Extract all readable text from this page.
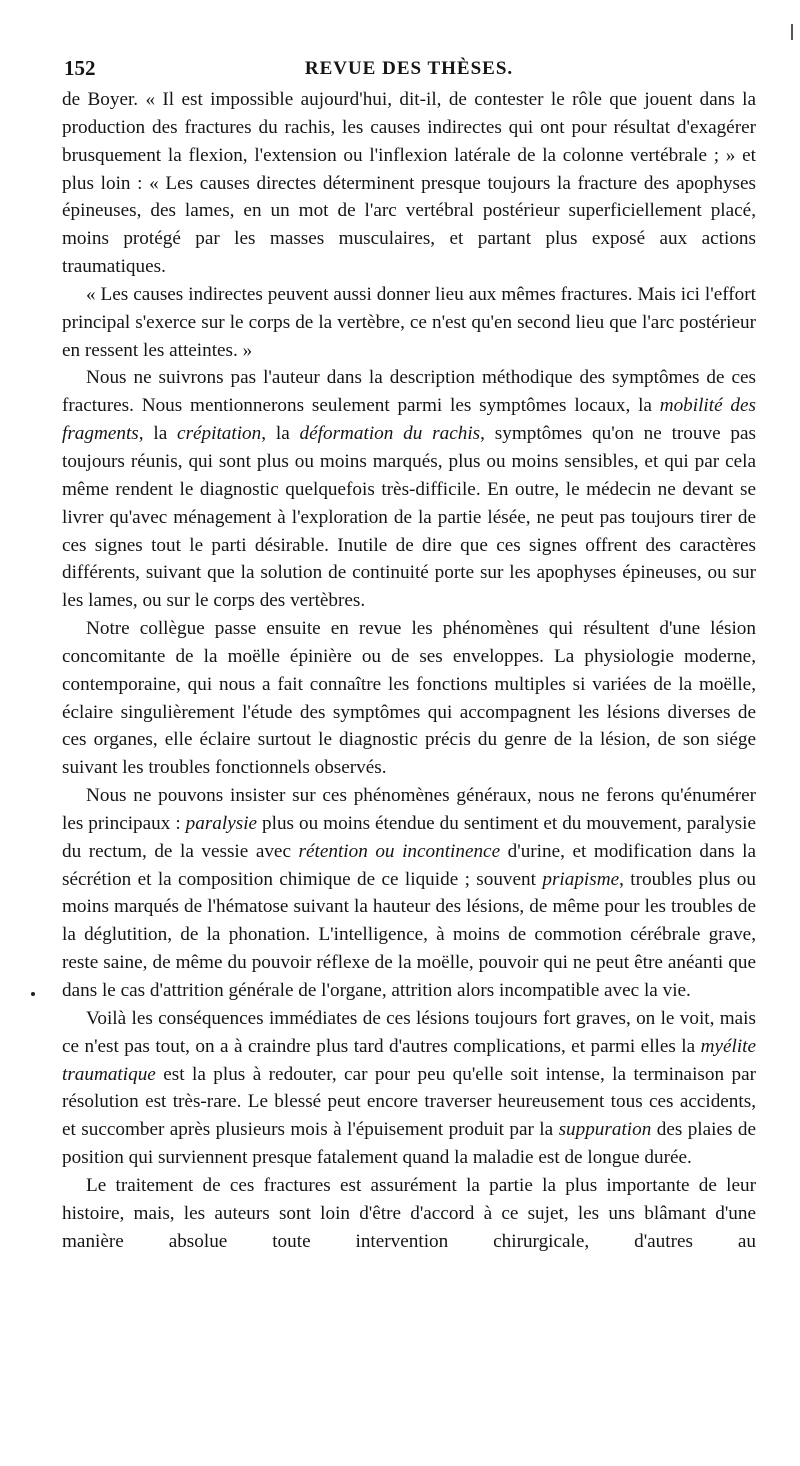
152	REVUE DES THÈSES.

de Boyer. « Il est impossible aujourd'hui, dit-il, de contester le rôle que jouent dans la production des fractures du rachis, les causes indirectes qui ont pour résultat d'exagérer brusquement la flexion, l'extension ou l'inflexion latérale de la colonne vertébrale ; » et plus loin : « Les causes directes déterminent presque toujours la fracture des apophyses épineuses, des lames, en un mot de l'arc vertébral postérieur superficiellement placé, moins protégé par les masses musculaires, et partant plus exposé aux actions traumatiques.

« Les causes indirectes peuvent aussi donner lieu aux mêmes fractures. Mais ici l'effort principal s'exerce sur le corps de la vertèbre, ce n'est qu'en second lieu que l'arc postérieur en ressent les atteintes. »

Nous ne suivrons pas l'auteur dans la description méthodique des symptômes de ces fractures. Nous mentionnerons seulement parmi les symptômes locaux, la mobilité des fragments, la crépitation, la déformation du rachis, symptômes qu'on ne trouve pas toujours réunis, qui sont plus ou moins marqués, plus ou moins sensibles, et qui par cela même rendent le diagnostic quelquefois très-difficile. En outre, le médecin ne devant se livrer qu'avec ménagement à l'exploration de la partie lésée, ne peut pas toujours tirer de ces signes tout le parti désirable. Inutile de dire que ces signes offrent des caractères différents, suivant que la solution de continuité porte sur les apophyses épineuses, ou sur les lames, ou sur le corps des vertèbres.

Notre collègue passe ensuite en revue les phénomènes qui résultent d'une lésion concomitante de la moëlle épinière ou de ses enveloppes. La physiologie moderne, contemporaine, qui nous a fait connaître les fonctions multiples si variées de la moëlle, éclaire singulièrement l'étude des symptômes qui accompagnent les lésions diverses de ces organes, elle éclaire surtout le diagnostic précis du genre de la lésion, de son siége suivant les troubles fonctionnels observés.

Nous ne pouvons insister sur ces phénomènes généraux, nous ne ferons qu'énumérer les principaux : paralysie plus ou moins étendue du sentiment et du mouvement, paralysie du rectum, de la vessie avec rétention ou incontinence d'urine, et modification dans la sécrétion et la composition chimique de ce liquide ; souvent priapisme, troubles plus ou moins marqués de l'hématose suivant la hauteur des lésions, de même pour les troubles de la déglutition, de la phonation. L'intelligence, à moins de commotion cérébrale grave, reste saine, de même du pouvoir réflexe de la moëlle, pouvoir qui ne peut être anéanti que dans le cas d'attrition générale de l'organe, attrition alors incompatible avec la vie.

Voilà les conséquences immédiates de ces lésions toujours fort graves, on le voit, mais ce n'est pas tout, on a à craindre plus tard d'autres complications, et parmi elles la myélite traumatique est la plus à redouter, car pour peu qu'elle soit intense, la terminaison par résolution est très-rare. Le blessé peut encore traverser heureusement tous ces accidents, et succomber après plusieurs mois à l'épuisement produit par la suppuration des plaies de position qui surviennent presque fatalement quand la maladie est de longue durée.

Le traitement de ces fractures est assurément la partie la plus importante de leur histoire, mais, les auteurs sont loin d'être d'accord à ce sujet, les uns blâmant d'une manière absolue toute intervention chirurgicale, d'autres au
